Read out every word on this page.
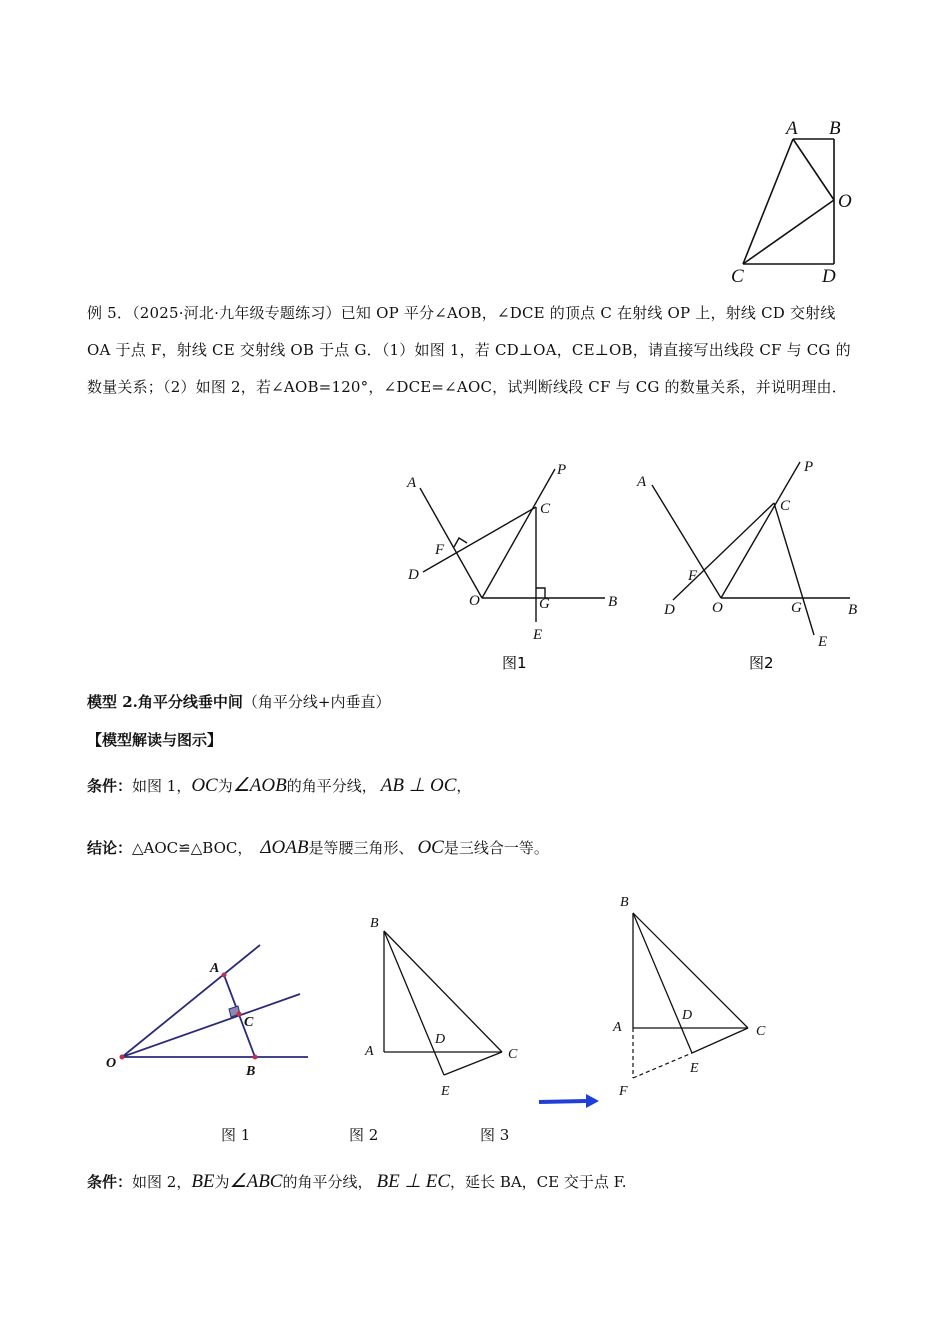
A B
O
C	D
例 5．（2025·河北·九年级专题练习）已知 OP 平分∠AOB，∠DCE 的顶点 C 在射线 OP 上，射线 CD 交射线 OA 于点 F，射线 CE 交射线 OB 于点 G．（1）如图 1，若 CD⊥OA，CE⊥OB，请直接写出线段 CF 与 CG 的数量关系；（2）如图 2，若∠AOB=120°，∠DCE=∠AOC，试判断线段 CF 与 CG 的数量关系，并说明理由．
A
P
C
F
D
O	G	B
E
图1
A
P
C
F
D O	G	B
E
图2
模型 2.角平分线垂中间（角平分线+内垂直）
【模型解读与图示】
条件：如图 1，OC为∠AOB的角平分线， AB ⊥ OC，
结论：△AOC≌△BOC， ΔOAB是等腰三角形、 OC是三线合一等。
A
C
O
B
B
A
D
C
E
B
A
D
C
E
F
图 1	图 2	图 3
条件：如图 2，BE为∠ABC的角平分线， BE ⊥ EC，延长 BA，CE 交于点 F.
